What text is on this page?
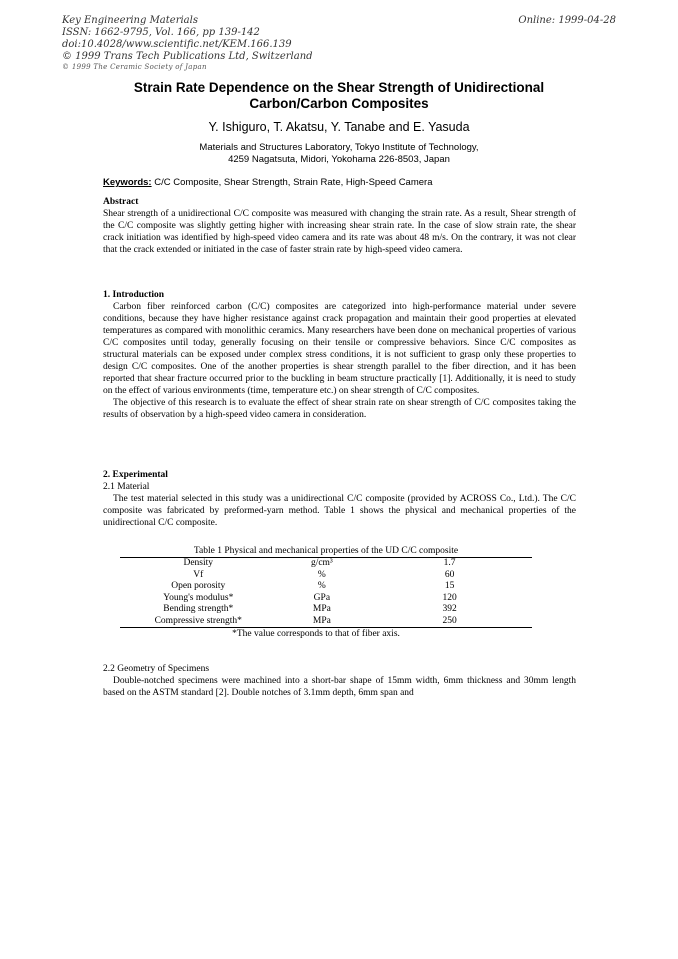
Key Engineering Materials
ISSN: 1662-9795, Vol. 166, pp 139-142
doi:10.4028/www.scientific.net/KEM.166.139
© 1999 Trans Tech Publications Ltd, Switzerland
Online: 1999-04-28
© 1999 The Ceramic Society of Japan
Strain Rate Dependence on the Shear Strength of Unidirectional
Carbon/Carbon Composites
Y. Ishiguro, T. Akatsu, Y. Tanabe and E. Yasuda
Materials and Structures Laboratory, Tokyo Institute of Technology,
4259 Nagatsuta, Midori, Yokohama 226-8503, Japan
Keywords: C/C Composite, Shear Strength, Strain Rate, High-Speed Camera

Abstract

Shear strength of a unidirectional C/C composite was measured with changing the strain rate. As a result, Shear strength of the C/C composite was slightly getting higher with increasing shear strain rate. In the case of slow strain rate, the shear crack initiation was identified by high-speed video camera and its rate was about 48 m/s. On the contrary, it was not clear that the crack extended or initiated in the case of faster strain rate by high-speed video camera.

1. Introduction

Carbon fiber reinforced carbon (C/C) composites are categorized into high-performance material under severe conditions, because they have higher resistance against crack propagation and maintain their good properties at elevated temperatures as compared with monolithic ceramics. Many researchers have been done on mechanical properties of various C/C composites until today, generally focusing on their tensile or compressive behaviors. Since C/C composites as structural materials can be exposed under complex stress conditions, it is not sufficient to grasp only these properties to design C/C composites. One of the another properties is shear strength parallel to the fiber direction, and it has been reported that shear fracture occurred prior to the buckling in beam structure practically [1]. Additionally, it is need to study on the effect of various environments (time, temperature etc.) on shear strength of C/C composites.

The objective of this research is to evaluate the effect of shear strain rate on shear strength of C/C composites taking the results of observation by a high-speed video camera in consideration.

2. Experimental

2.1 Material

The test material selected in this study was a unidirectional C/C composite (provided by ACROSS Co., Ltd.). The C/C composite was fabricated by preformed-yarn method. Table 1 shows the physical and mechanical properties of the unidirectional C/C composite.

Table 1 Physical and mechanical properties of the UD C/C composite
Density	g/cm³	1.7
Vf	%	60
Open porosity	%	15
Young's modulus*	GPa	120
Bending strength*	MPa	392
Compressive strength*	MPa	250
*The value corresponds to that of fiber axis.

2.2 Geometry of Specimens

Double-notched specimens were machined into a short-bar shape of 15mm width, 6mm thickness and 30mm length based on the ASTM standard [2]. Double notches of 3.1mm depth, 6mm span and
